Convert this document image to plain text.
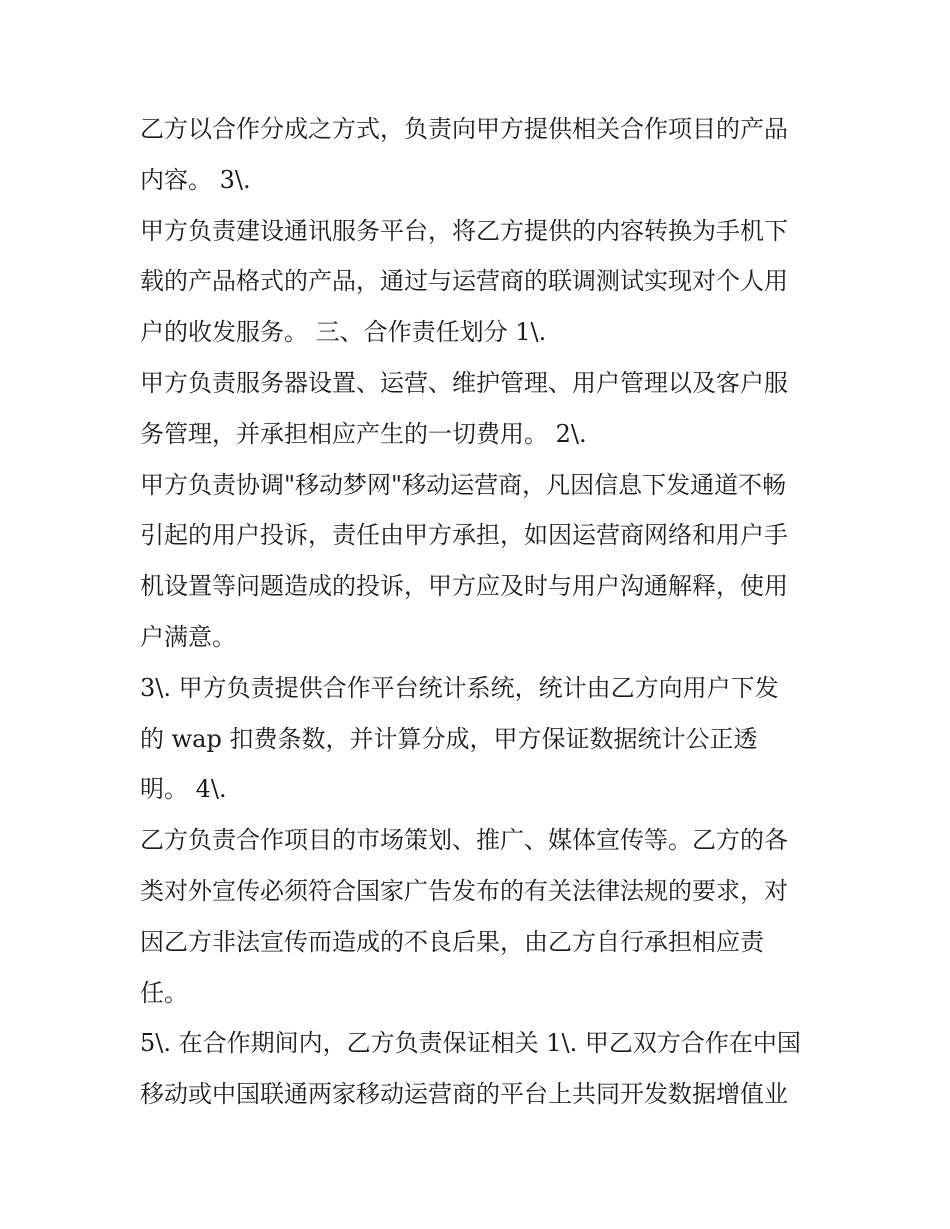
乙方以合作分成之方式，负责向甲方提供相关合作项目的产品
内容。 3\.
甲方负责建设通讯服务平台，将乙方提供的内容转换为手机下
载的产品格式的产品，通过与运营商的联调测试实现对个人用
户的收发服务。 三、合作责任划分 1\.
甲方负责服务器设置、运营、维护管理、用户管理以及客户服
务管理，并承担相应产生的一切费用。 2\.
甲方负责协调"移动梦网"移动运营商，凡因信息下发通道不畅
引起的用户投诉，责任由甲方承担，如因运营商网络和用户手
机设置等问题造成的投诉，甲方应及时与用户沟通解释，使用
户满意。
3\. 甲方负责提供合作平台统计系统，统计由乙方向用户下发
的 wap 扣费条数，并计算分成，甲方保证数据统计公正透
明。 4\.
乙方负责合作项目的市场策划、推广、媒体宣传等。乙方的各
类对外宣传必须符合国家广告发布的有关法律法规的要求，对
因乙方非法宣传而造成的不良后果，由乙方自行承担相应责
任。
5\. 在合作期间内，乙方负责保证相关 1\. 甲乙双方合作在中国
移动或中国联通两家移动运营商的平台上共同开发数据增值业
